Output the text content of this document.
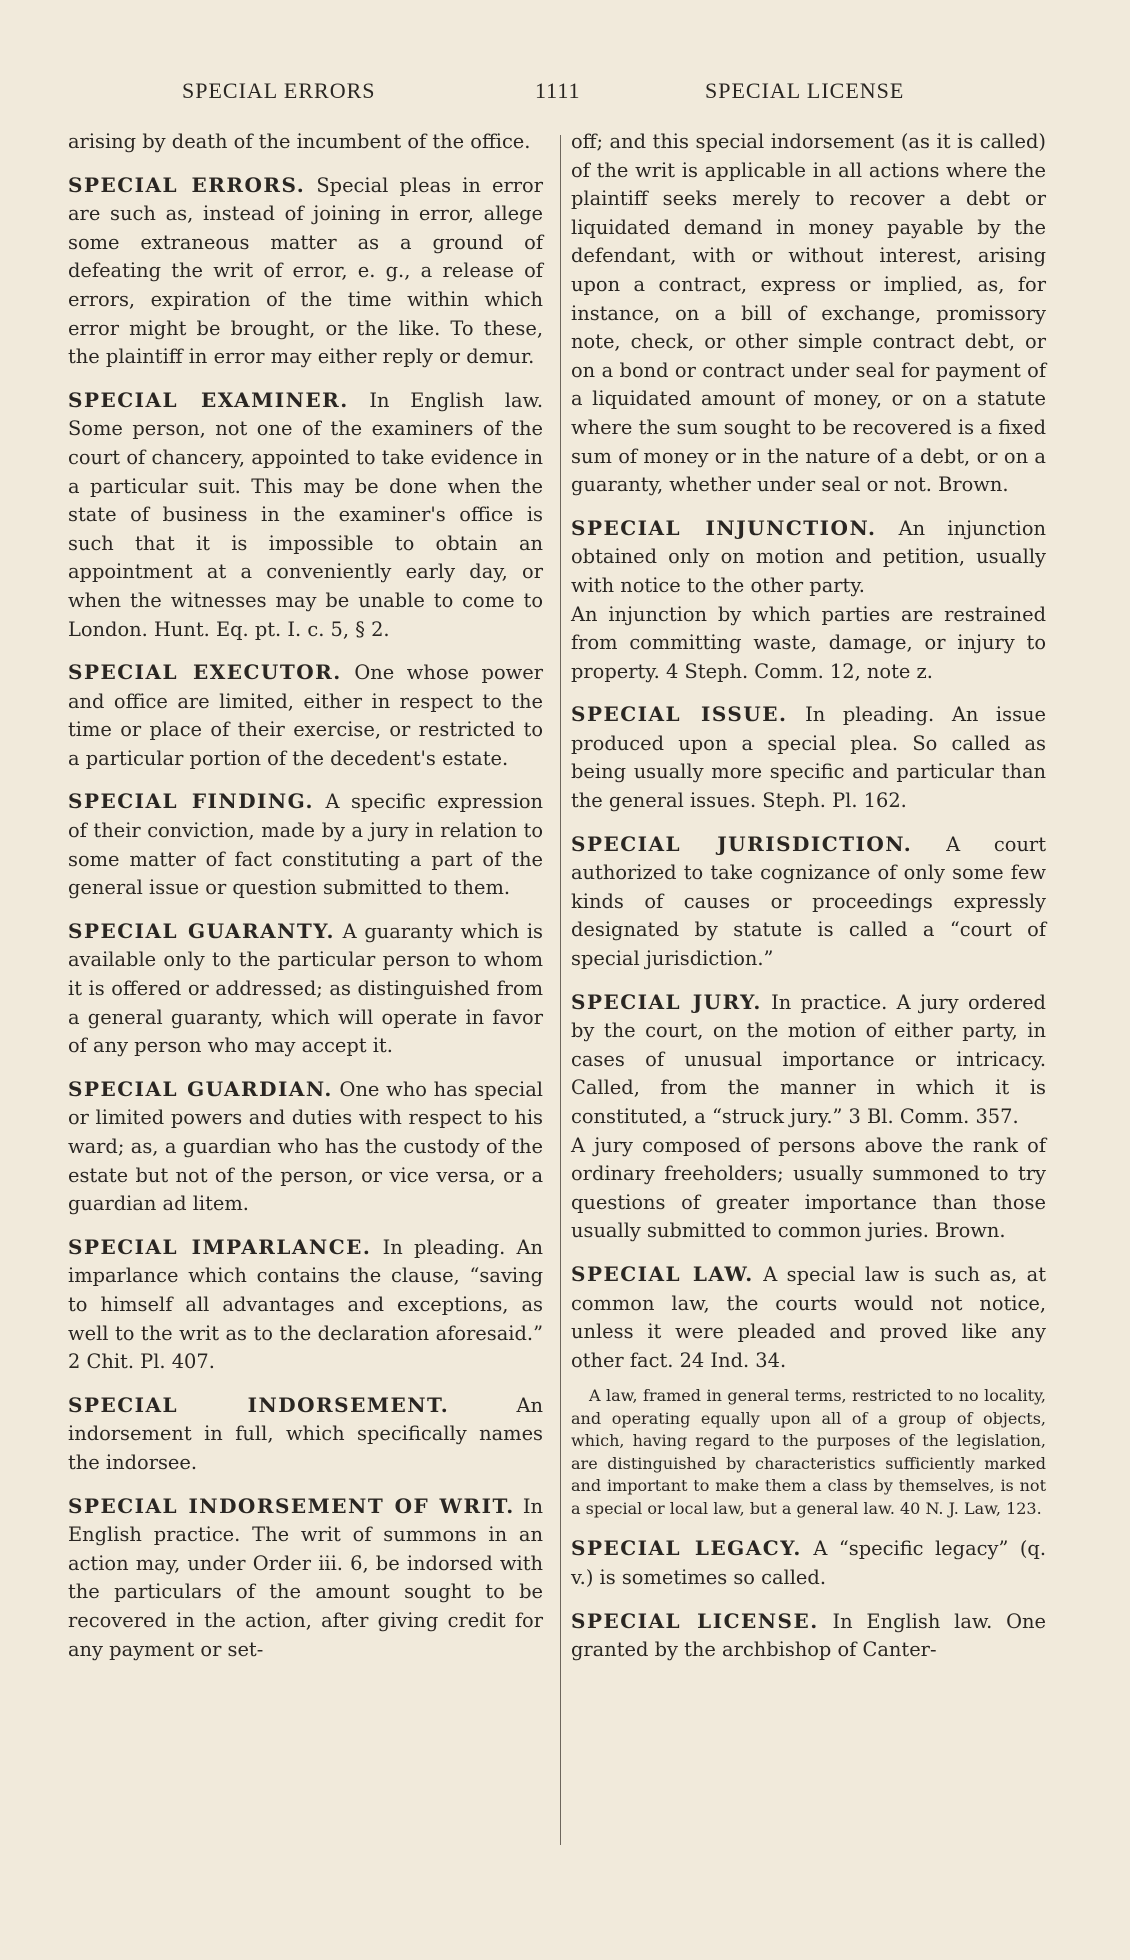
SPECIAL ERRORS	1111	SPECIAL LICENSE

arising by death of the incumbent of the office.

SPECIAL ERRORS. Special pleas in error are such as, instead of joining in error, allege some extraneous matter as a ground of defeating the writ of error, e. g., a release of errors, expiration of the time within which error might be brought, or the like. To these, the plaintiff in error may either reply or demur.

SPECIAL EXAMINER. In English law. Some person, not one of the examiners of the court of chancery, appointed to take evidence in a particular suit. This may be done when the state of business in the examiner's office is such that it is impossible to obtain an appointment at a conveniently early day, or when the witnesses may be unable to come to London. Hunt. Eq. pt. I. c. 5, § 2.

SPECIAL EXECUTOR. One whose power and office are limited, either in respect to the time or place of their exercise, or restricted to a particular portion of the decedent's estate.

SPECIAL FINDING. A specific expression of their conviction, made by a jury in relation to some matter of fact constituting a part of the general issue or question submitted to them.

SPECIAL GUARANTY. A guaranty which is available only to the particular person to whom it is offered or addressed; as distinguished from a general guaranty, which will operate in favor of any person who may accept it.

SPECIAL GUARDIAN. One who has special or limited powers and duties with respect to his ward; as, a guardian who has the custody of the estate but not of the person, or vice versa, or a guardian ad litem.

SPECIAL IMPARLANCE. In pleading. An imparlance which contains the clause, “saving to himself all advantages and exceptions, as well to the writ as to the declaration aforesaid.” 2 Chit. Pl. 407.

SPECIAL INDORSEMENT.	An indorsement in full, which specifically names the indorsee.

SPECIAL INDORSEMENT OF WRIT. In English practice. The writ of summons in an action may, under Order iii. 6, be indorsed with the particulars of the amount sought to be recovered in the action, after giving credit for any payment or set-

off; and this special indorsement (as it is called) of the writ is applicable in all actions where the plaintiff seeks merely to recover a debt or liquidated demand in money payable by the defendant, with or without interest, arising upon a contract, express or implied, as, for instance, on a bill of exchange, promissory note, check, or other simple contract debt, or on a bond or contract under seal for payment of a liquidated amount of money, or on a statute where the sum sought to be recovered is a fixed sum of money or in the nature of a debt, or on a guaranty, whether under seal or not. Brown.

SPECIAL INJUNCTION. An injunction obtained only on motion and petition, usually with notice to the other party.

An injunction by which parties are restrained from committing waste, damage, or injury to property. 4 Steph. Comm. 12, note z.

SPECIAL ISSUE. In pleading. An issue produced upon a special plea. So called as being usually more specific and particular than the general issues. Steph. Pl. 162.

SPECIAL JURISDICTION. A court authorized to take cognizance of only some few kinds of causes or proceedings expressly designated by statute is called a “court of special jurisdiction.”

SPECIAL JURY. In practice. A jury ordered by the court, on the motion of either party, in cases of unusual importance or intricacy. Called, from the manner in which it is constituted, a “struck jury.” 3 Bl. Comm. 357.

A jury composed of persons above the rank of ordinary freeholders; usually summoned to try questions of greater importance than those usually submitted to common juries. Brown.

SPECIAL LAW. A special law is such as, at common law, the courts would not notice, unless it were pleaded and proved like any other fact. 24 Ind. 34.

A law, framed in general terms, restricted to no locality, and operating equally upon all of a group of objects, which, having regard to the purposes of the legislation, are distinguished by characteristics sufficiently marked and important to make them a class by themselves, is not a special or local law, but a general law. 40 N. J. Law, 123.

SPECIAL LEGACY. A “specific legacy” (q. v.) is sometimes so called.

SPECIAL LICENSE. In English law. One granted by the archbishop of Canter-
